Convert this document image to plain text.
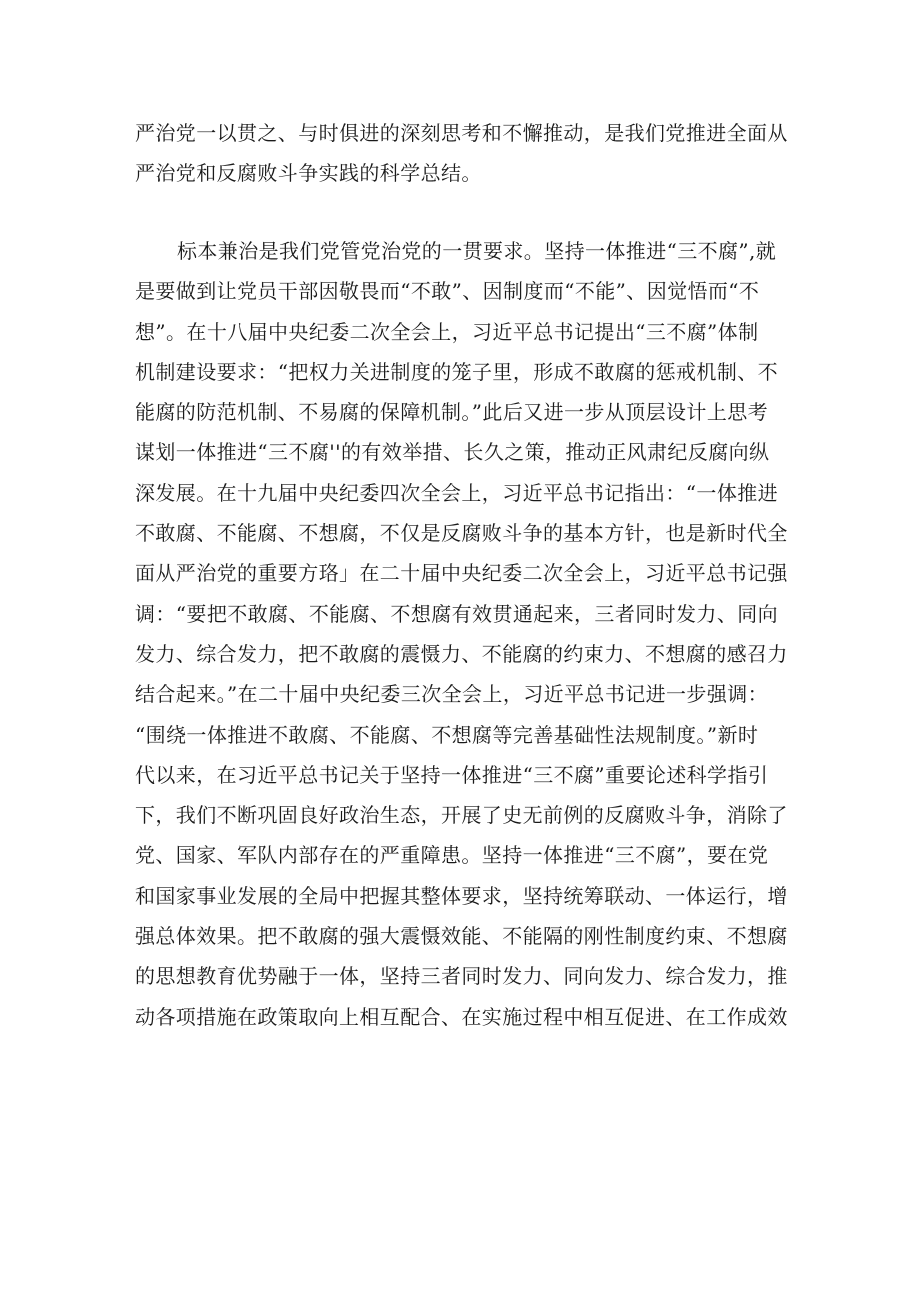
严治党一以贯之、与时俱进的深刻思考和不懈推动，是我们党推进全面从
严治党和反腐败斗争实践的科学总结。
标本兼治是我们党管党治党的一贯要求。坚持一体推进“三不腐”,就
是要做到让党员干部因敬畏而“不敢”、因制度而“不能”、因觉悟而“不
想”。在十八届中央纪委二次全会上，习近平总书记提出“三不腐”体制
机制建设要求：“把权力关进制度的笼子里，形成不敢腐的惩戒机制、不
能腐的防范机制、不易腐的保障机制。”此后又进一步从顶层设计上思考
谋划一体推进“三不腐''的有效举措、长久之策，推动正风肃纪反腐向纵
深发展。在十九届中央纪委四次全会上，习近平总书记指出：“一体推进
不敢腐、不能腐、不想腐，不仅是反腐败斗争的基本方针，也是新时代全
面从严治党的重要方珞」在二十届中央纪委二次全会上，习近平总书记强
调：“要把不敢腐、不能腐、不想腐有效贯通起来，三者同时发力、同向
发力、综合发力，把不敢腐的震慑力、不能腐的约束力、不想腐的感召力
结合起来。”在二十届中央纪委三次全会上，习近平总书记进一步强调：
“围绕一体推进不敢腐、不能腐、不想腐等完善基础性法规制度。”新时
代以来，在习近平总书记关于坚持一体推进“三不腐”重要论述科学指引
下，我们不断巩固良好政治生态，开展了史无前例的反腐败斗争，消除了
党、国家、军队内部存在的严重障患。坚持一体推进“三不腐”，要在党
和国家事业发展的全局中把握其整体要求，坚持统筹联动、一体运行，增
强总体效果。把不敢腐的强大震慑效能、不能隔的刚性制度约束、不想腐
的思想教育优势融于一体，坚持三者同时发力、同向发力、综合发力，推
动各项措施在政策取向上相互配合、在实施过程中相互促进、在工作成效
